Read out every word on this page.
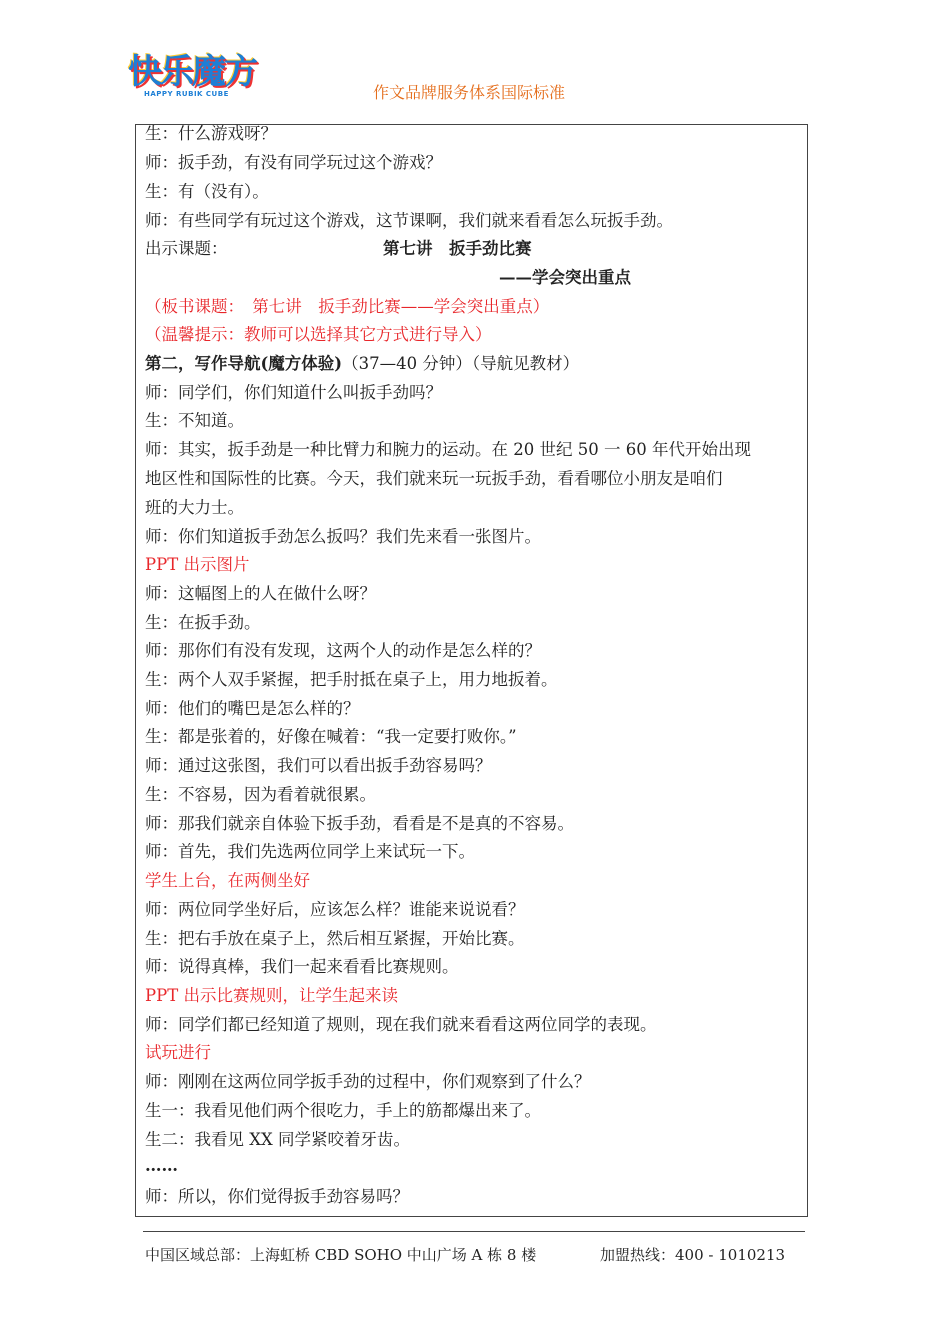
快乐魔方
HAPPY RUBIK CUBE	作文品牌服务体系国际标准
生：什么游戏呀？
师：扳手劲，有没有同学玩过这个游戏？
生：有（没有）。
师：有些同学有玩过这个游戏，这节课啊，我们就来看看怎么玩扳手劲。
出示课题：	第七讲　扳手劲比赛
——学会突出重点
（板书课题：　第七讲　扳手劲比赛——学会突出重点）
（温馨提示：教师可以选择其它方式进行导入）
第二，写作导航(魔方体验)（37—40 分钟）（导航见教材）
师：同学们，你们知道什么叫扳手劲吗？
生：不知道。
师：其实，扳手劲是一种比臂力和腕力的运动。在 20 世纪 50 一 60 年代开始出现
地区性和国际性的比赛。今天，我们就来玩一玩扳手劲，看看哪位小朋友是咱们
班的大力士。
师：你们知道扳手劲怎么扳吗？我们先来看一张图片。
PPT 出示图片
师：这幅图上的人在做什么呀？
生：在扳手劲。
师：那你们有没有发现，这两个人的动作是怎么样的？
生：两个人双手紧握，把手肘抵在桌子上，用力地扳着。
师：他们的嘴巴是怎么样的？
生：都是张着的，好像在喊着：“我一定要打败你。”
师：通过这张图，我们可以看出扳手劲容易吗？
生：不容易，因为看着就很累。
师：那我们就亲自体验下扳手劲，看看是不是真的不容易。
师：首先，我们先选两位同学上来试玩一下。
学生上台，在两侧坐好
师：两位同学坐好后，应该怎么样？谁能来说说看？
生：把右手放在桌子上，然后相互紧握，开始比赛。
师：说得真棒，我们一起来看看比赛规则。
PPT 出示比赛规则，让学生起来读
师：同学们都已经知道了规则，现在我们就来看看这两位同学的表现。
试玩进行
师：刚刚在这两位同学扳手劲的过程中，你们观察到了什么？
生一：我看见他们两个很吃力，手上的筋都爆出来了。
生二：我看见 XX 同学紧咬着牙齿。
……
师：所以，你们觉得扳手劲容易吗？
中国区域总部：上海虹桥 CBD SOHO 中山广场 A 栋 8 楼	加盟热线：400 - 1010213
